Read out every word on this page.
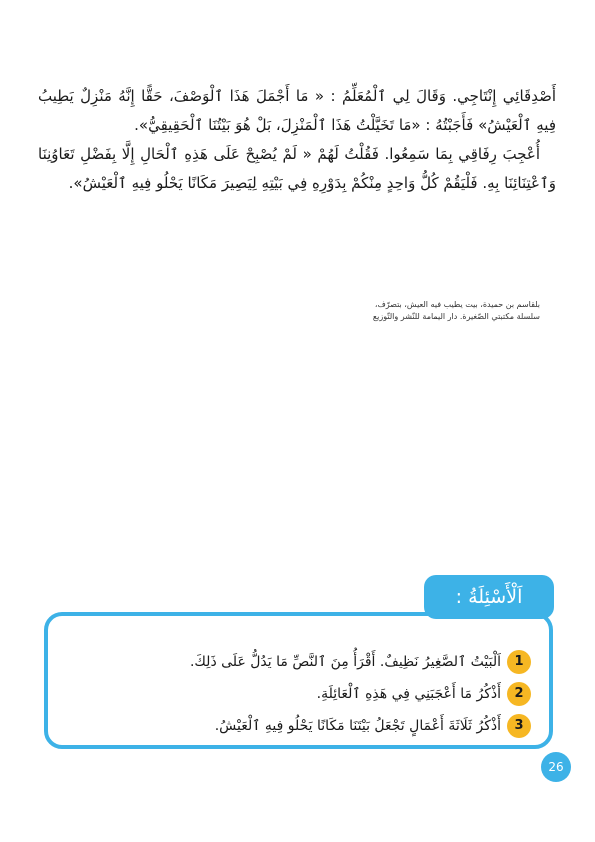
أَصْدِقَائِي إِنْتَاجِي. وَقَالَ لِي ٱلْمُعَلِّمُ : « مَا أَجْمَلَ هَذَا ٱلْوَصْفَ، حَقًّا إِنَّهُ مَنْزِلٌ يَطِيبُ فِيهِ ٱلْعَيْشُ» فَأَجَبْتُهُ : «مَا تَخَيَّلْتُ هَذَا ٱلْمَنْزِلَ، بَلْ هُوَ بَيْتُنَا ٱلْحَقِيقِيُّ».

أُعْجِبَ رِفَاقِي بِمَا سَمِعُوا. فَقُلْتُ لَهُمْ « لَمْ يُصْبِحْ عَلَى هَذِهِ ٱلْحَالِ إِلَّا بِفَضْلِ تَعَاوُنِنَا وَٱعْتِنَائِنَا بِهِ. فَلْيَقُمْ كُلُّ وَاحِدٍ مِنْكُمْ بِدَوْرِهِ فِي بَيْتِهِ لِيَصِيرَ مَكَانًا يَحْلُو فِيهِ ٱلْعَيْشُ».

بلقاسم بن حميدة، بيت يطيب فيه العيش، بتصرّف،
سلسلة مكتبتي الصّغيرة. دار اليمامة للنّشر والتّوزيع
1
اَلْبَيْتُ ٱلصَّغِيرُ نَظِيفٌ. أَقْرَأُ مِنَ ٱلنَّصِّ مَا يَدُلُّ عَلَى ذَلِكَ.
2
أَذْكُرُ مَا أَعْجَبَنِي فِي هَذِهِ ٱلْعَائِلَةِ.
3
أَذْكُرُ ثَلَاثَةَ أَعْمَالٍ تَجْعَلُ بَيْتَنَا مَكَانًا يَحْلُو فِيهِ ٱلْعَيْشُ.
اَلْأَسْئِلَةُ :
26
